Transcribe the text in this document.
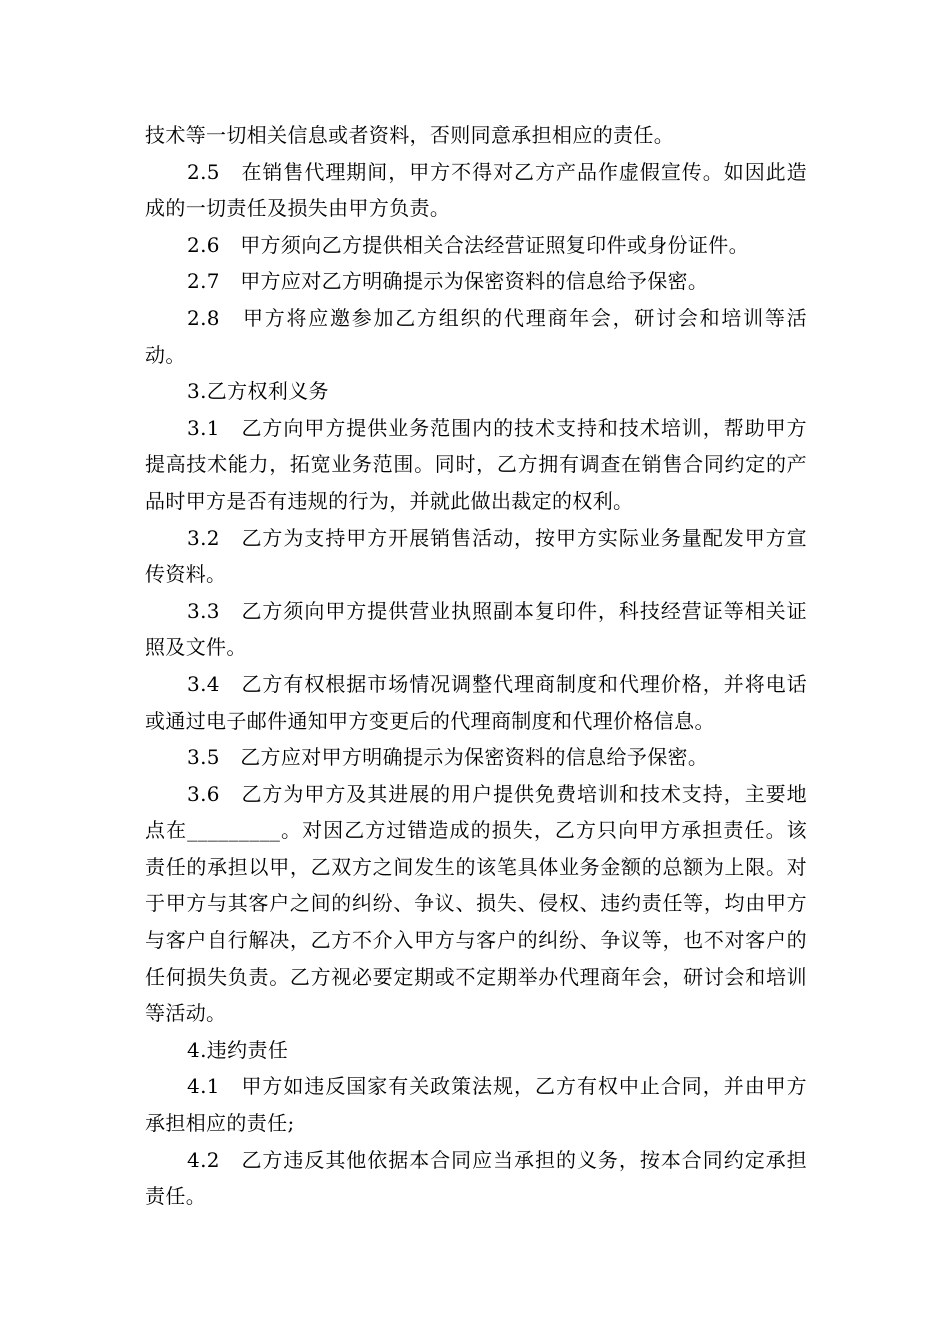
技术等一切相关信息或者资料，否则同意承担相应的责任。

2.5　在销售代理期间，甲方不得对乙方产品作虚假宣传。如因此造成的一切责任及损失由甲方负责。

2.6　甲方须向乙方提供相关合法经营证照复印件或身份证件。

2.7　甲方应对乙方明确提示为保密资料的信息给予保密。

2.8　甲方将应邀参加乙方组织的代理商年会，研讨会和培训等活动。

3.乙方权利义务

3.1　乙方向甲方提供业务范围内的技术支持和技术培训，帮助甲方提高技术能力，拓宽业务范围。同时，乙方拥有调查在销售合同约定的产品时甲方是否有违规的行为，并就此做出裁定的权利。

3.2　乙方为支持甲方开展销售活动，按甲方实际业务量配发甲方宣传资料。

3.3　乙方须向甲方提供营业执照副本复印件，科技经营证等相关证照及文件。

3.4　乙方有权根据市场情况调整代理商制度和代理价格，并将电话或通过电子邮件通知甲方变更后的代理商制度和代理价格信息。

3.5　乙方应对甲方明确提示为保密资料的信息给予保密。

3.6　乙方为甲方及其进展的用户提供免费培训和技术支持，主要地点在_________。对因乙方过错造成的损失，乙方只向甲方承担责任。该责任的承担以甲，乙双方之间发生的该笔具体业务金额的总额为上限。对于甲方与其客户之间的纠纷、争议、损失、侵权、违约责任等，均由甲方与客户自行解决，乙方不介入甲方与客户的纠纷、争议等，也不对客户的任何损失负责。乙方视必要定期或不定期举办代理商年会，研讨会和培训等活动。

4.违约责任

4.1　甲方如违反国家有关政策法规，乙方有权中止合同，并由甲方承担相应的责任;

4.2　乙方违反其他依据本合同应当承担的义务，按本合同约定承担责任。
